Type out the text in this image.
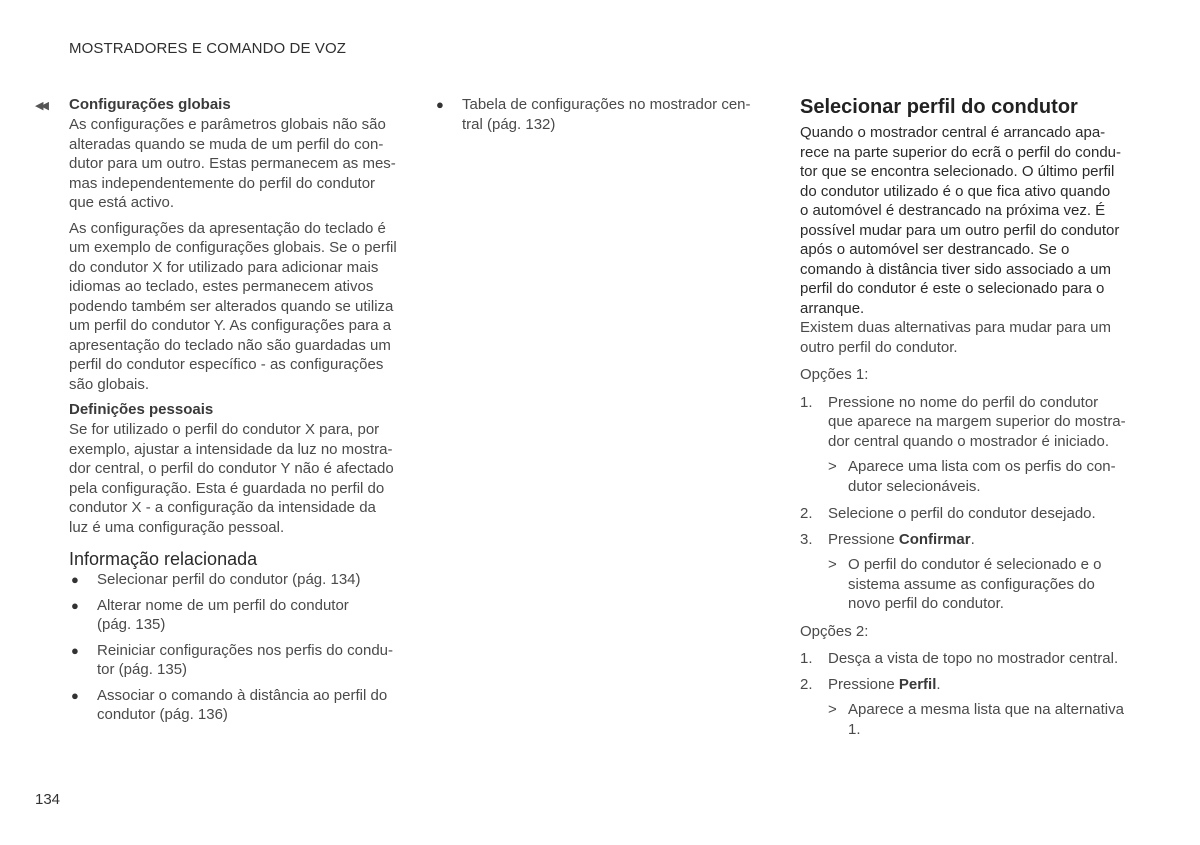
MOSTRADORES E COMANDO DE VOZ
◀◀ Configurações globais

As configurações e parâmetros globais não são
alteradas quando se muda de um perfil do con-
dutor para um outro. Estas permanecem as mes-
mas independentemente do perfil do condutor
que está activo.

As configurações da apresentação do teclado é
um exemplo de configurações globais. Se o perfil
do condutor X for utilizado para adicionar mais
idiomas ao teclado, estes permanecem ativos
podendo também ser alterados quando se utiliza
um perfil do condutor Y. As configurações para a
apresentação do teclado não são guardadas um
perfil do condutor específico - as configurações
são globais.

Definições pessoais

Se for utilizado o perfil do condutor X para, por
exemplo, ajustar a intensidade da luz no mostra-
dor central, o perfil do condutor Y não é afectado
pela configuração. Esta é guardada no perfil do
condutor X - a configuração da intensidade da
luz é uma configuração pessoal.

Informação relacionada

● Selecionar perfil do condutor (pág. 134)
● Alterar nome de um perfil do condutor
(pág. 135)
● Reiniciar configurações nos perfis do condu-
tor (pág. 135)
● Associar o comando à distância ao perfil do
condutor (pág. 136)
● Tabela de configurações no mostrador cen-
tral (pág. 132)

Selecionar perfil do condutor

Quando o mostrador central é arrancado apa-
rece na parte superior do ecrã o perfil do condu-
tor que se encontra selecionado. O último perfil
do condutor utilizado é o que fica ativo quando
o automóvel é destrancado na próxima vez. É
possível mudar para um outro perfil do condutor
após o automóvel ser destrancado. Se o
comando à distância tiver sido associado a um
perfil do condutor é este o selecionado para o
arranque.

Existem duas alternativas para mudar para um
outro perfil do condutor.

Opções 1:

1. Pressione no nome do perfil do condutor
que aparece na margem superior do mostra-
dor central quando o mostrador é iniciado.
> Aparece uma lista com os perfis do con-
dutor selecionáveis.
2. Selecione o perfil do condutor desejado.
3. Pressione Confirmar.
> O perfil do condutor é selecionado e o
sistema assume as configurações do
novo perfil do condutor.

Opções 2:

1. Desça a vista de topo no mostrador central.
2. Pressione Perfil.
> Aparece a mesma lista que na alternativa
1.
134
